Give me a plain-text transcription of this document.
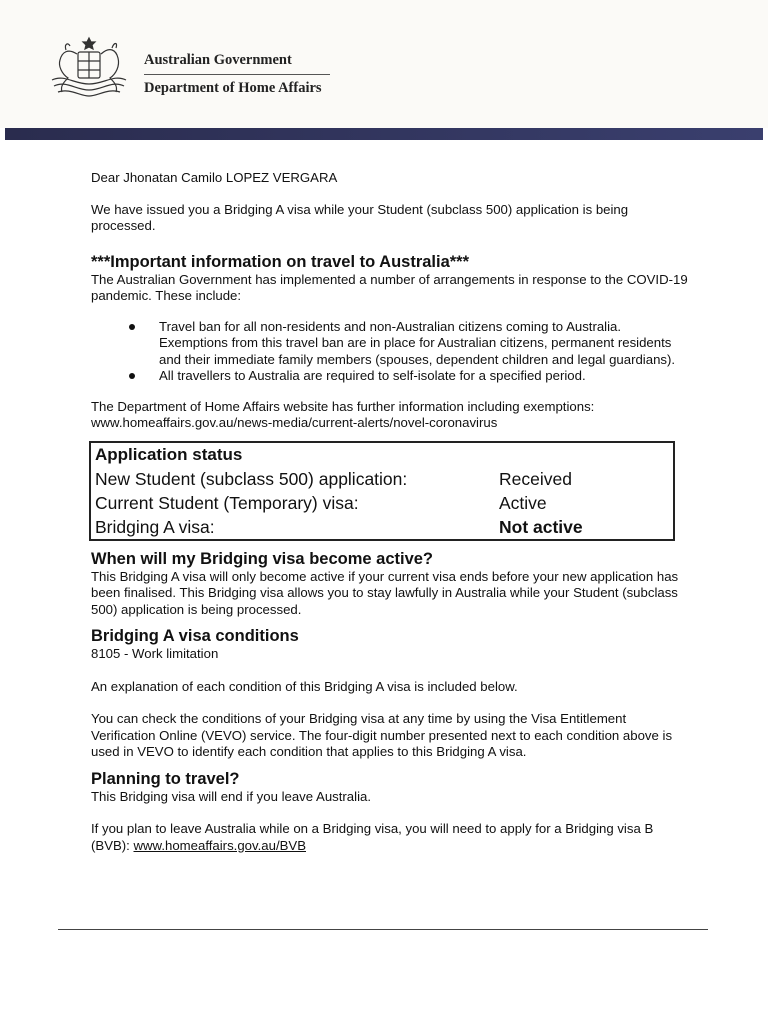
Australian Government
Department of Home Affairs

Dear Jhonatan Camilo LOPEZ VERGARA

We have issued you a Bridging A visa while your Student (subclass 500) application is being processed.

***Important information on travel to Australia***

The Australian Government has implemented a number of arrangements in response to the COVID-19 pandemic. These include:

Travel ban for all non-residents and non-Australian citizens coming to Australia. Exemptions from this travel ban are in place for Australian citizens, permanent residents and their immediate family members (spouses, dependent children and legal guardians).
All travellers to Australia are required to self-isolate for a specified period.

The Department of Home Affairs website has further information including exemptions:
www.homeaffairs.gov.au/news-media/current-alerts/novel-coronavirus

Application status	
New Student (subclass 500) application:	Received
Current Student (Temporary) visa:	Active
Bridging A visa:	Not active

When will my Bridging visa become active?

This Bridging A visa will only become active if your current visa ends before your new application has been finalised. This Bridging visa allows you to stay lawfully in Australia while your Student (subclass 500) application is being processed.

Bridging A visa conditions

8105 - Work limitation

An explanation of each condition of this Bridging A visa is included below.

You can check the conditions of your Bridging visa at any time by using the Visa Entitlement Verification Online (VEVO) service. The four-digit number presented next to each condition above is used in VEVO to identify each condition that applies to this Bridging A visa.

Planning to travel?

This Bridging visa will end if you leave Australia.

If you plan to leave Australia while on a Bridging visa, you will need to apply for a Bridging visa B (BVB): www.homeaffairs.gov.au/BVB
